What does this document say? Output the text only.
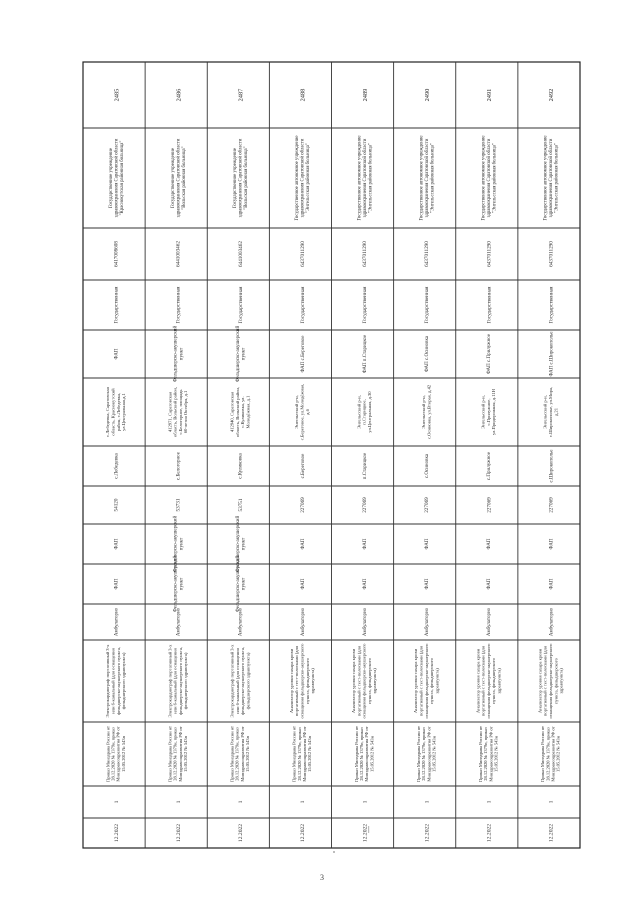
2485
Государственное учреждение здравоохранения Саратовской области "Краснокутская районная больница"
6417008608
Государственная
ФАП
с.Лебедевка, Саратовская область, Краснокутский район, с.Лебедевка, ул.Центральная,д.1
с.Лебедевка
54120
ФАП
ФАП
Амбулаторно
Электрокардиограф портативный 3-х или 6-канальный (для оснащения фельдшерско-акушерского пункта, фельдшерского здравпункта)
Приказ Минздрава России от 28.12.2020 № 1379н, приказ Минздравсоцразвития РФ от 15.05.2012 № 543н
1
12.2022
2486
Государственное учреждение здравоохранения Саратовской области "Вольская районная больница"
6441003462
Государственная
Фельдшерско-акушерский пункт
412971, Саратовская область, Вольский район, с.Белогорное, площадь 60-летия Октября, д.1
с.Белогорное
53731
Фельдшерско-акушерский пункт
Фельдшерско-акушерский пункт
Амбулаторно
Электрокардиограф портативный 3-х или 6-канальный (для оснащения фельдшерско-акушерского пункта, фельдшерского здравпункта)
Приказ Минздрава России от 28.12.2020 № 1379н, приказ Минздравсоцразвития РФ от 15.05.2012 № 543н
1
12.2022
2487
Государственное учреждение здравоохранения Саратовской области "Вольская районная больница"
6441003462
Государственная
Фельдшерско-акушерский пункт
412940, Саратовская область, Вольский район, с.Куликовка, ул. Молодёжная, д.1
с.Куликовка
53751
Фельдшерско-акушерский пункт
Фельдшерско-акушерский пункт
Амбулаторно
Электрокардиограф портативный 3-х или 6-канальный (для оснащения фельдшерско-акушерского пункта, фельдшерского здравпункта)
Приказ Минздрава России от 28.12.2020 № 1379н, приказ Минздравсоцразвития РФ от 15.05.2012 № 543н
1
12.2022
2488
Государственное автономное учреждение здравоохранения Саратовской области "Энгельсская районная больница"
6437011290
Государственная
ФАП с.Береговое
Энгельсский р-н, с.Береговое, ул.Молодёжная, д.6
с.Береговое
227069
ФАП
ФАП
Амбулаторно
Анализатор уровня сахара крови портативный с тест-полосками (для оснащения фельдшерско-акушерского пункта, фельдшерского здравпункта)
Приказ Минздрава России от 28.12.2020 № 1379н, приказ Минздравсоцразвития РФ от 15.05.2012 № 543н
1
12.2022
2489
Государственное автономное учреждение здравоохранения Саратовской области "Энгельсская районная больница"
6437011290
Государственная
ФАП п.Старицкое
Энгельсский р-н, п.Старицкое, ул.Центральная, д.30
п.Старицкое
227069
ФАП
ФАП
Амбулаторно
Анализатор уровня сахара крови портативный с тест-полосками (для оснащения фельдшерско-акушерского пункта, фельдшерского здравпункта)
Приказ Минздрава России от 28.12.2020 № 1379н, приказ Минздравсоцразвития РФ от 15.05.2012 № 543н
1
12.2022
2490
Государственное автономное учреждение здравоохранения Саратовской области "Энгельсская районная больница"
6437011290
Государственная
ФАП с.Осиновка
Энгельсский р-н, с.Осиновка, ул.Вторая, д.42
с.Осиновка
227069
ФАП
ФАП
Амбулаторно
Анализатор уровня сахара крови портативный с тест-полосками (для оснащения фельдшерско-акушерского пункта, фельдшерского здравпункта)
Приказ Минздрава России от 28.12.2020 № 1379н, приказ Минздравсоцразвития РФ от 15.05.2012 № 543н
1
12.2022
2491
Государственное автономное учреждение здравоохранения Саратовской области "Энгельсская районная больница"
6437011290
Государственная
ФАП с.Прилужное
Энгельсский р-н, с.Прилужное, ул.Придорожная, д.11Н
с.Прилужное
227069
ФАП
ФАП
Амбулаторно
Анализатор уровня сахара крови портативный с тест-полосками (для оснащения фельдшерско-акушерского пункта, фельдшерского здравпункта)
Приказ Минздрава России от 28.12.2020 № 1379н, приказ Минздравсоцразвития РФ от 15.05.2012 № 543н
1
12.2022
2492
Государственное автономное учреждение здравоохранения Саратовской области "Энгельсская районная больница"
6437011290
Государственная
ФАП с.Широкополье
Энгельсский р-н, с.Широкополье, ул.Мира, д.21
с.Широкополье
227069
ФАП
ФАП
Амбулаторно
Анализатор уровня сахара крови портативный с тест-полосками (для оснащения фельдшерско-акушерского пункта, фельдшерского здравпункта)
Приказ Минздрава России от 28.12.2020 № 1379н, приказ Минздравсоцразвития РФ от 15.05.2012 № 543н
1
12.2022
3
